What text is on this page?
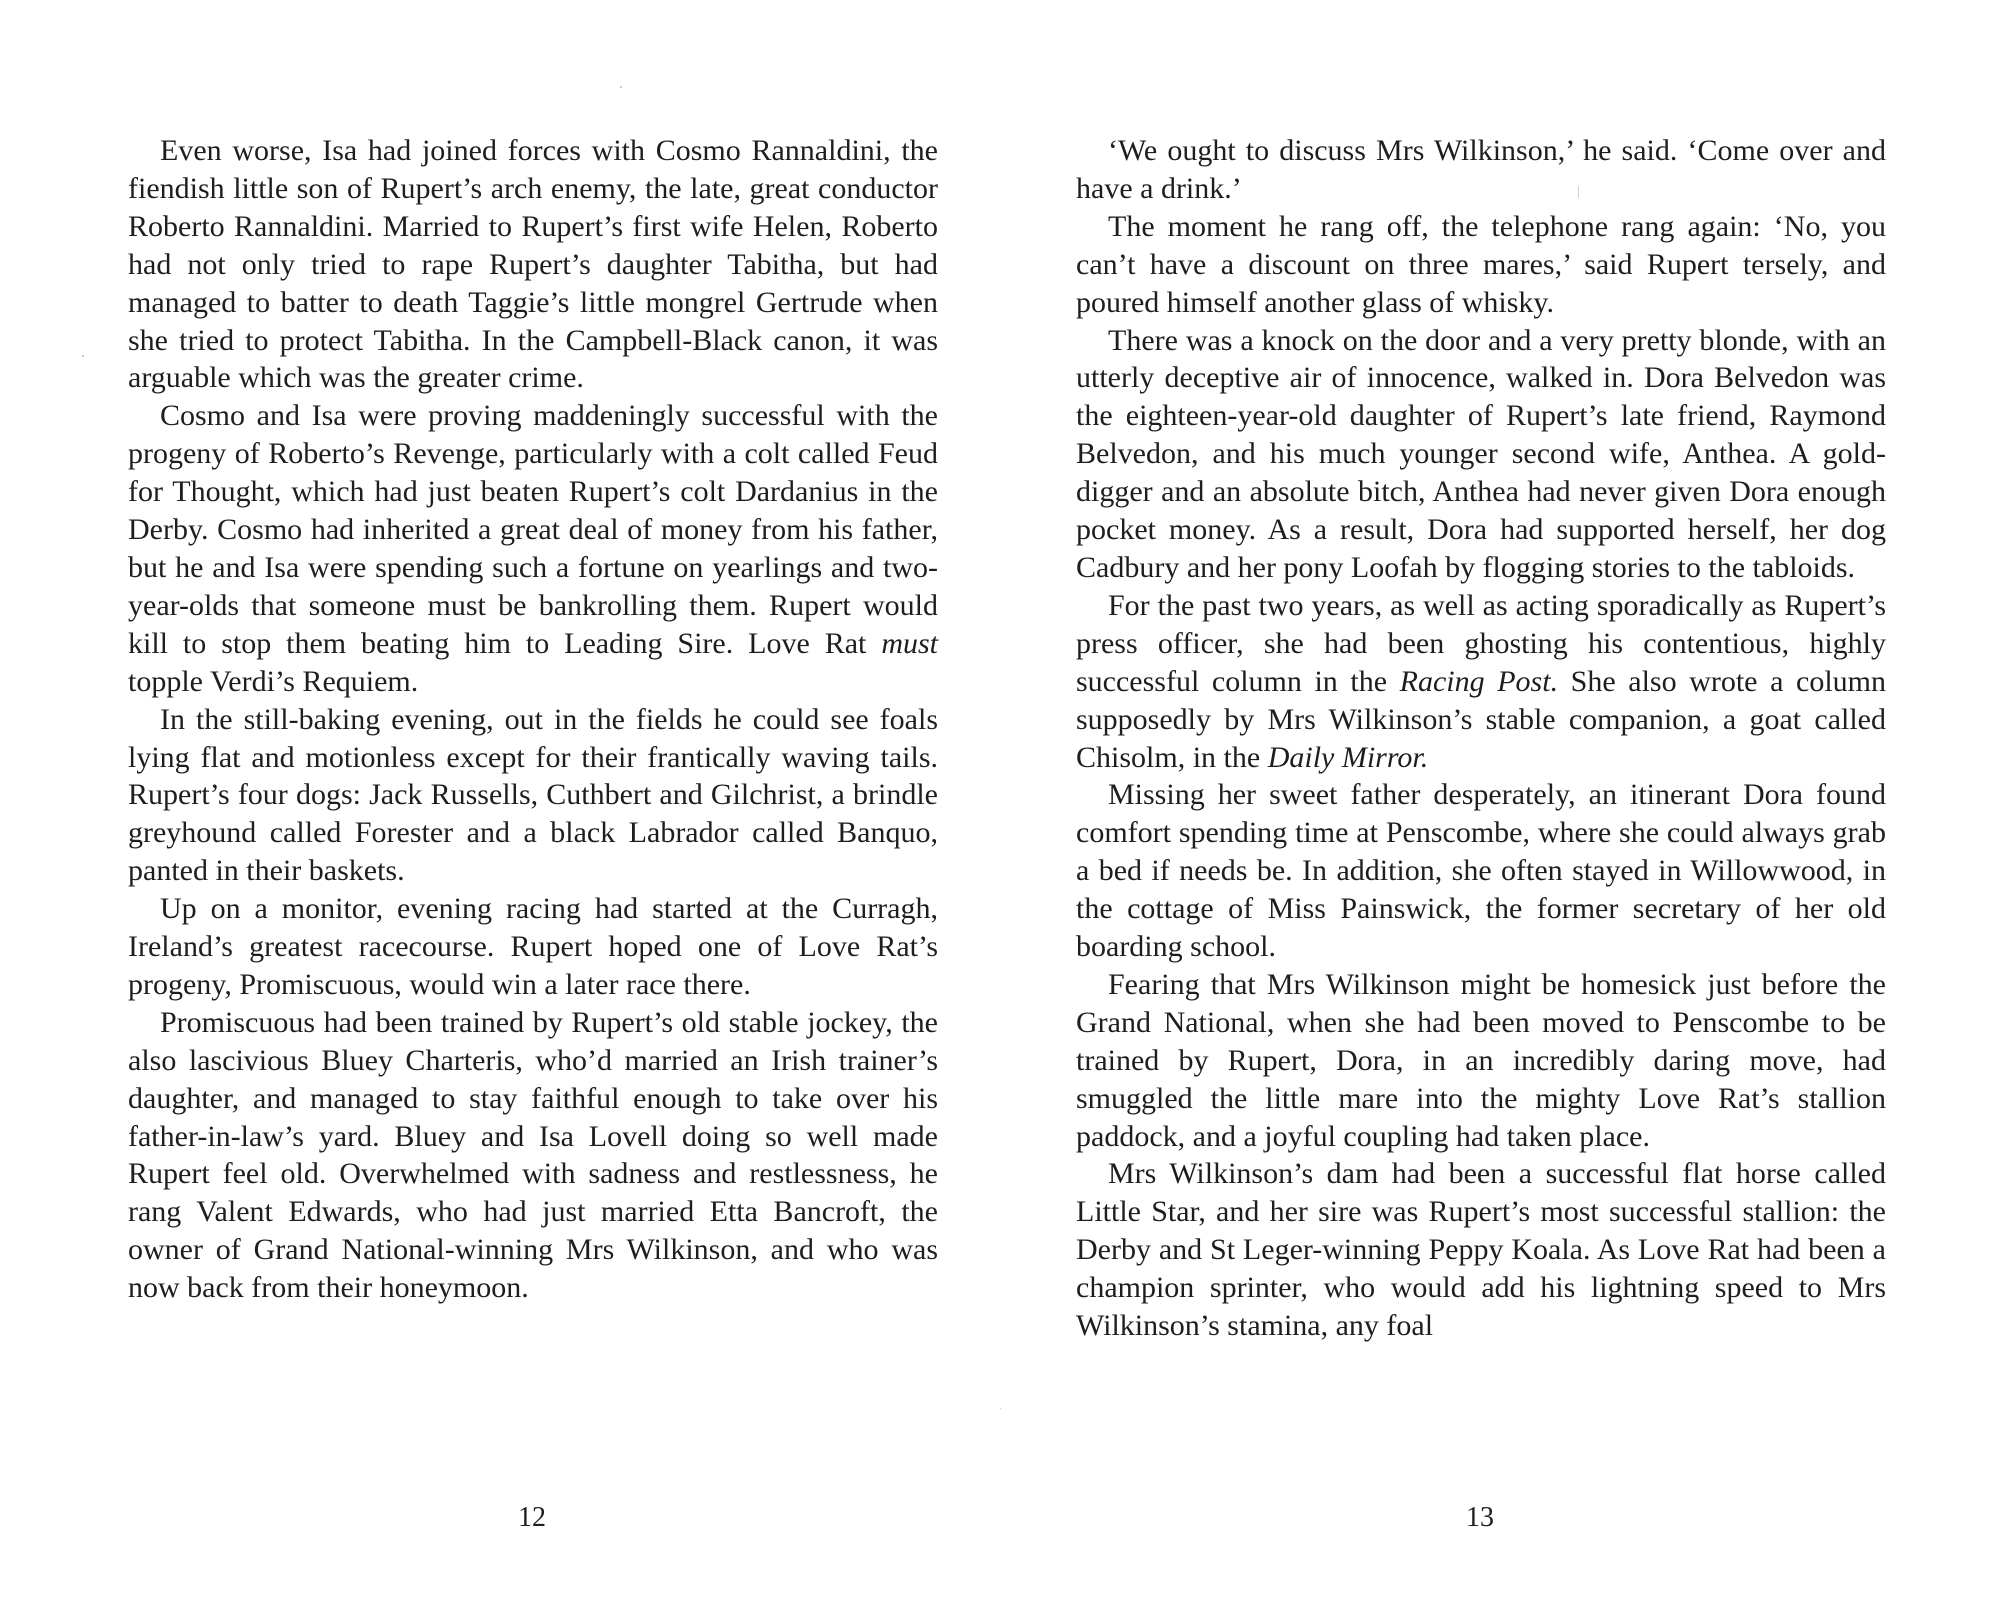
Even worse, Isa had joined forces with Cosmo Rannaldini, the fiendish little son of Rupert’s arch enemy, the late, great conductor Roberto Rannaldini. Married to Rupert’s first wife Helen, Roberto had not only tried to rape Rupert’s daughter Tabitha, but had managed to batter to death Taggie’s little mongrel Gertrude when she tried to protect Tabitha. In the Campbell-Black canon, it was arguable which was the greater crime.

Cosmo and Isa were proving maddeningly successful with the progeny of Roberto’s Revenge, particularly with a colt called Feud for Thought, which had just beaten Rupert’s colt Dardanius in the Derby. Cosmo had inherited a great deal of money from his father, but he and Isa were spending such a fortune on yearlings and two-year-olds that someone must be bankrolling them. Rupert would kill to stop them beating him to Leading Sire. Love Rat must topple Verdi’s Requiem.

In the still-baking evening, out in the fields he could see foals lying flat and motionless except for their frantically waving tails. Rupert’s four dogs: Jack Russells, Cuthbert and Gilchrist, a brindle greyhound called Forester and a black Labrador called Banquo, panted in their baskets.

Up on a monitor, evening racing had started at the Curragh, Ireland’s greatest racecourse. Rupert hoped one of Love Rat’s progeny, Promiscuous, would win a later race there.

Promiscuous had been trained by Rupert’s old stable jockey, the also lascivious Bluey Charteris, who’d married an Irish trainer’s daughter, and managed to stay faithful enough to take over his father-in-law’s yard. Bluey and Isa Lovell doing so well made Rupert feel old. Overwhelmed with sadness and restlessness, he rang Valent Edwards, who had just married Etta Bancroft, the owner of Grand National-winning Mrs Wilkinson, and who was now back from their honeymoon.

12

‘We ought to discuss Mrs Wilkinson,’ he said. ‘Come over and have a drink.’

The moment he rang off, the telephone rang again: ‘No, you can’t have a discount on three mares,’ said Rupert tersely, and poured himself another glass of whisky.

There was a knock on the door and a very pretty blonde, with an utterly deceptive air of innocence, walked in. Dora Belvedon was the eighteen-year-old daughter of Rupert’s late friend, Raymond Belvedon, and his much younger second wife, Anthea. A gold-digger and an absolute bitch, Anthea had never given Dora enough pocket money. As a result, Dora had supported herself, her dog Cadbury and her pony Loofah by flogging stories to the tabloids.

For the past two years, as well as acting sporadically as Rupert’s press officer, she had been ghosting his contentious, highly successful column in the Racing Post. She also wrote a column supposedly by Mrs Wilkinson’s stable companion, a goat called Chisolm, in the Daily Mirror.

Missing her sweet father desperately, an itinerant Dora found comfort spending time at Penscombe, where she could always grab a bed if needs be. In addition, she often stayed in Willowwood, in the cottage of Miss Painswick, the former secretary of her old boarding school.

Fearing that Mrs Wilkinson might be homesick just before the Grand National, when she had been moved to Penscombe to be trained by Rupert, Dora, in an incredibly daring move, had smuggled the little mare into the mighty Love Rat’s stallion paddock, and a joyful coupling had taken place.

Mrs Wilkinson’s dam had been a successful flat horse called Little Star, and her sire was Rupert’s most successful stallion: the Derby and St Leger-winning Peppy Koala. As Love Rat had been a champion sprinter, who would add his lightning speed to Mrs Wilkinson’s stamina, any foal

13
